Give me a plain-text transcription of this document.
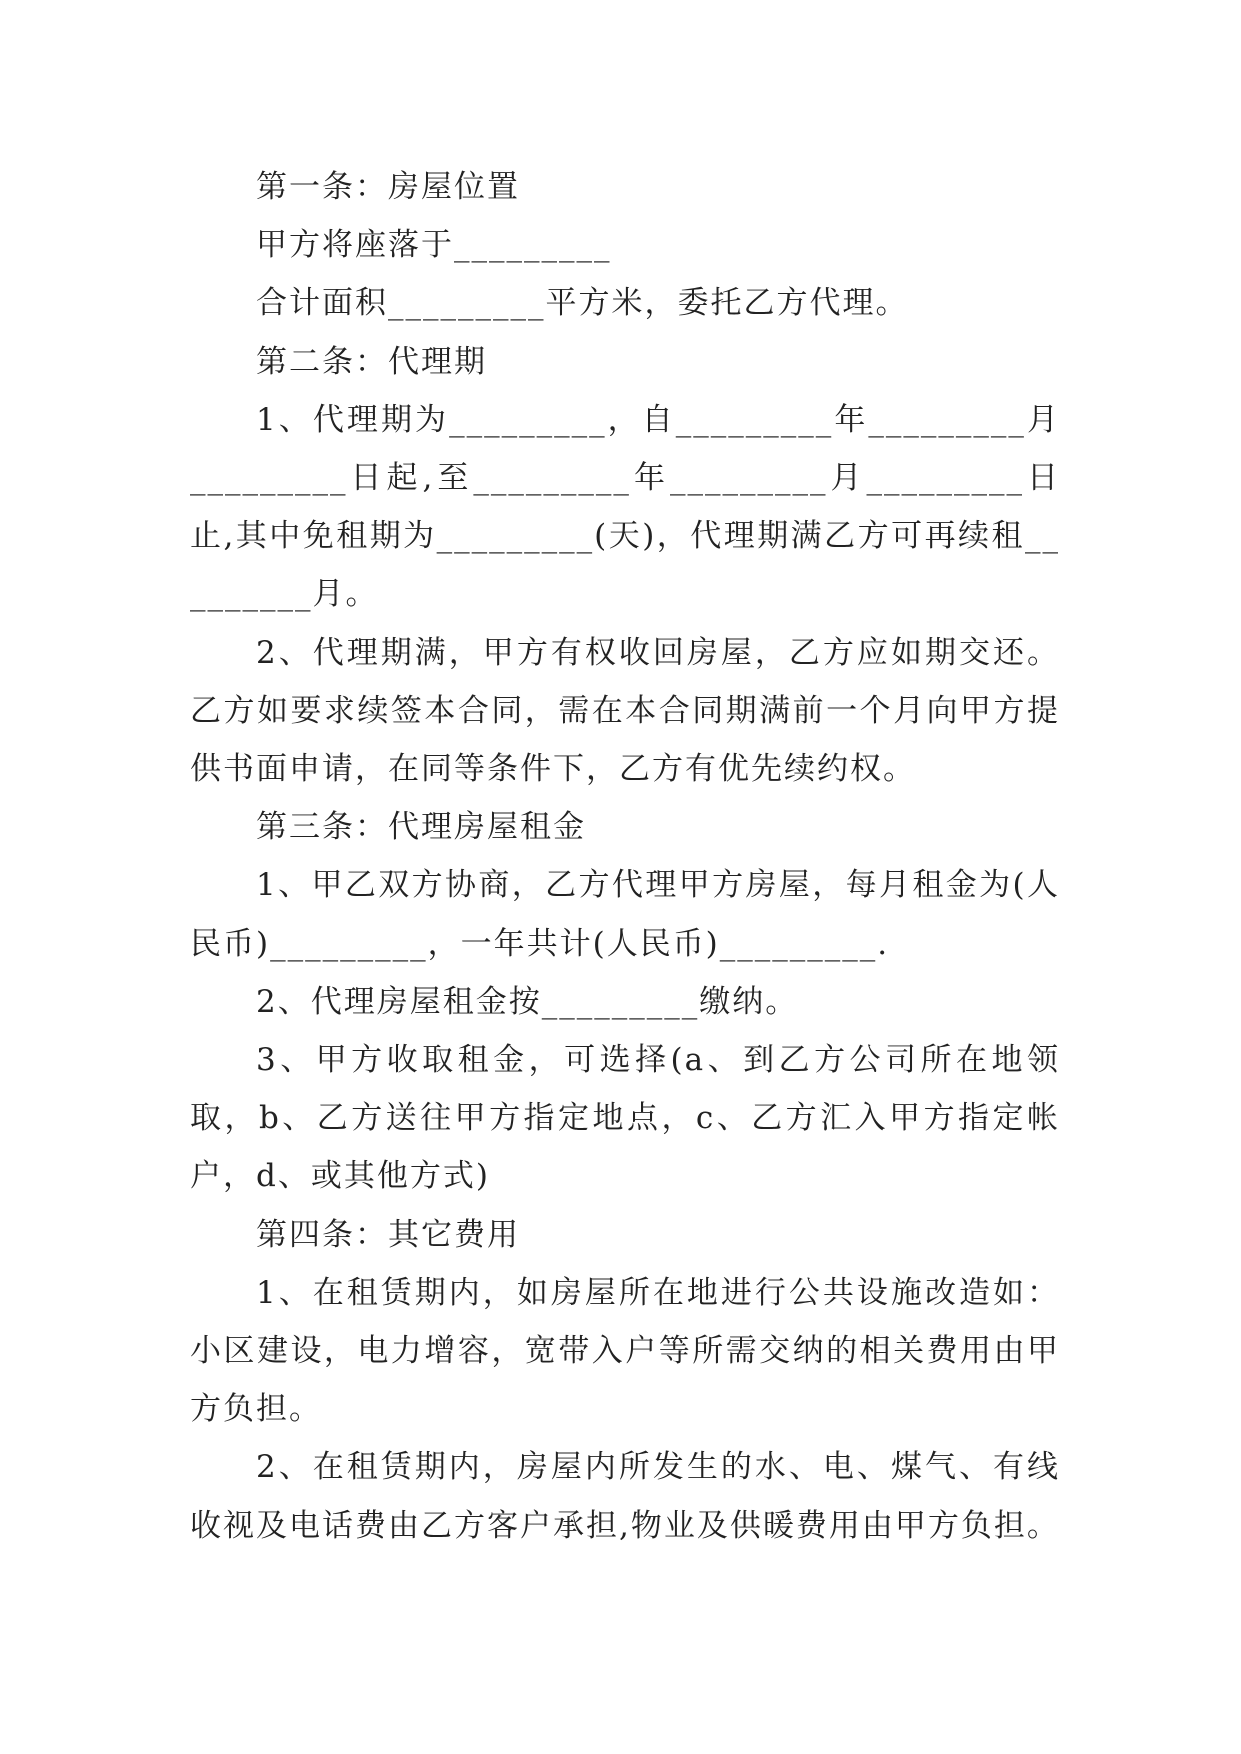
第一条：房屋位置

甲方将座落于_________

合计面积_________平方米，委托乙方代理。

第二条：代理期

1、代理期为_________，自_________年_________月_________日起,至_________年_________月_________日止,其中免租期为_________(天)，代理期满乙方可再续租_________月。

2、代理期满，甲方有权收回房屋，乙方应如期交还。乙方如要求续签本合同，需在本合同期满前一个月向甲方提供书面申请，在同等条件下，乙方有优先续约权。

第三条：代理房屋租金

1、甲乙双方协商，乙方代理甲方房屋，每月租金为(人民币)_________，一年共计(人民币)_________.

2、代理房屋租金按_________缴纳。

3、甲方收取租金，可选择(a、到乙方公司所在地领取，b、乙方送往甲方指定地点，c、乙方汇入甲方指定帐户，d、或其他方式)

第四条：其它费用

1、在租赁期内，如房屋所在地进行公共设施改造如：小区建设，电力增容，宽带入户等所需交纳的相关费用由甲方负担。

2、在租赁期内，房屋内所发生的水、电、煤气、有线收视及电话费由乙方客户承担,物业及供暖费用由甲方负担。
